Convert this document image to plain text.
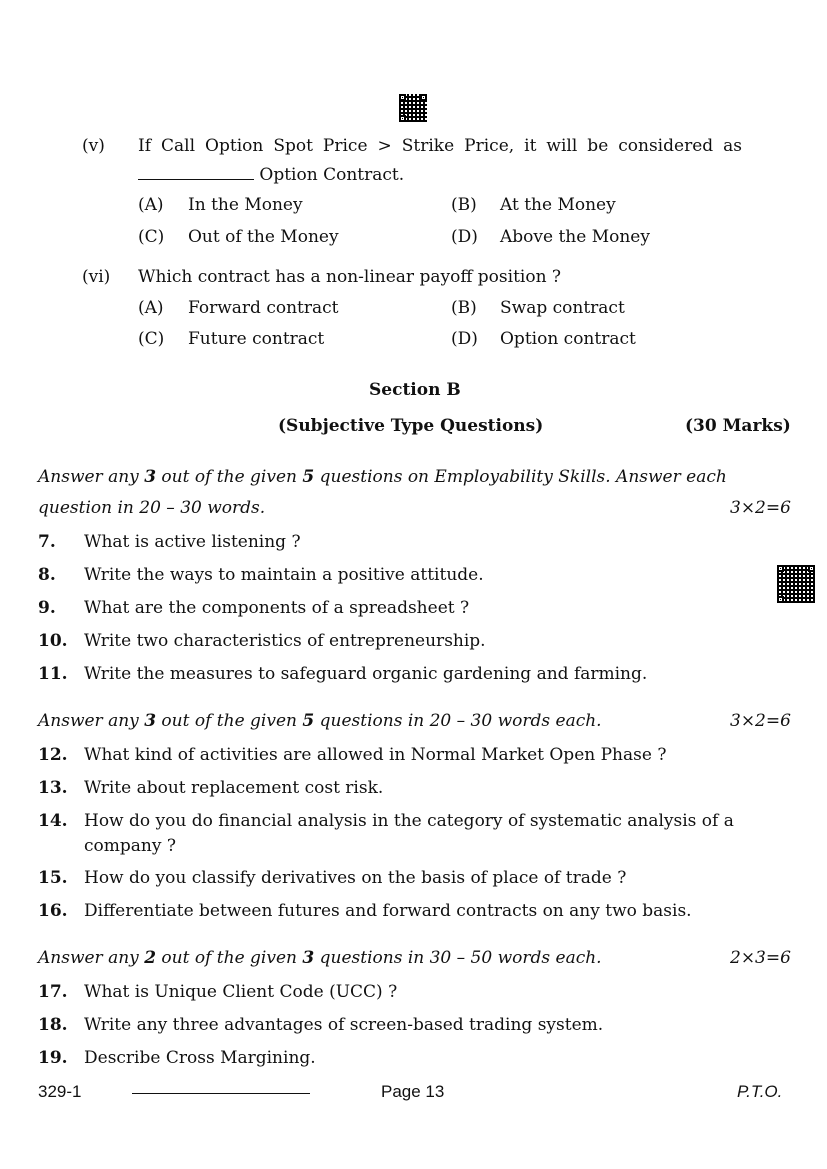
(v) If Call Option Spot Price > Strike Price, it will be considered as
Option Contract.
(A) In the Money	(B) At the Money
(C) Out of the Money	(D) Above the Money
(vi) Which contract has a non-linear payoff position ?
(A) Forward contract	(B) Swap contract
(C) Future contract	(D) Option contract
Section B
(Subjective Type Questions)	(30 Marks)
Answer any 3 out of the given 5 questions on Employability Skills. Answer each
question in 20 – 30 words.	3×2=6
7. What is active listening ?
8. Write the ways to maintain a positive attitude.
9. What are the components of a spreadsheet ?
10. Write two characteristics of entrepreneurship.
11. Write the measures to safeguard organic gardening and farming.
Answer any 3 out of the given 5 questions in 20 – 30 words each.	3×2=6
12. What kind of activities are allowed in Normal Market Open Phase ?
13. Write about replacement cost risk.
14. How do you do financial analysis in the category of systematic analysis of a
company ?
15. How do you classify derivatives on the basis of place of trade ?
16. Differentiate between futures and forward contracts on any two basis.
Answer any 2 out of the given 3 questions in 30 – 50 words each.	2×3=6
17. What is Unique Client Code (UCC) ?
18. Write any three advantages of screen-based trading system.
19. Describe Cross Margining.
329-1	Page 13	P.T.O.
